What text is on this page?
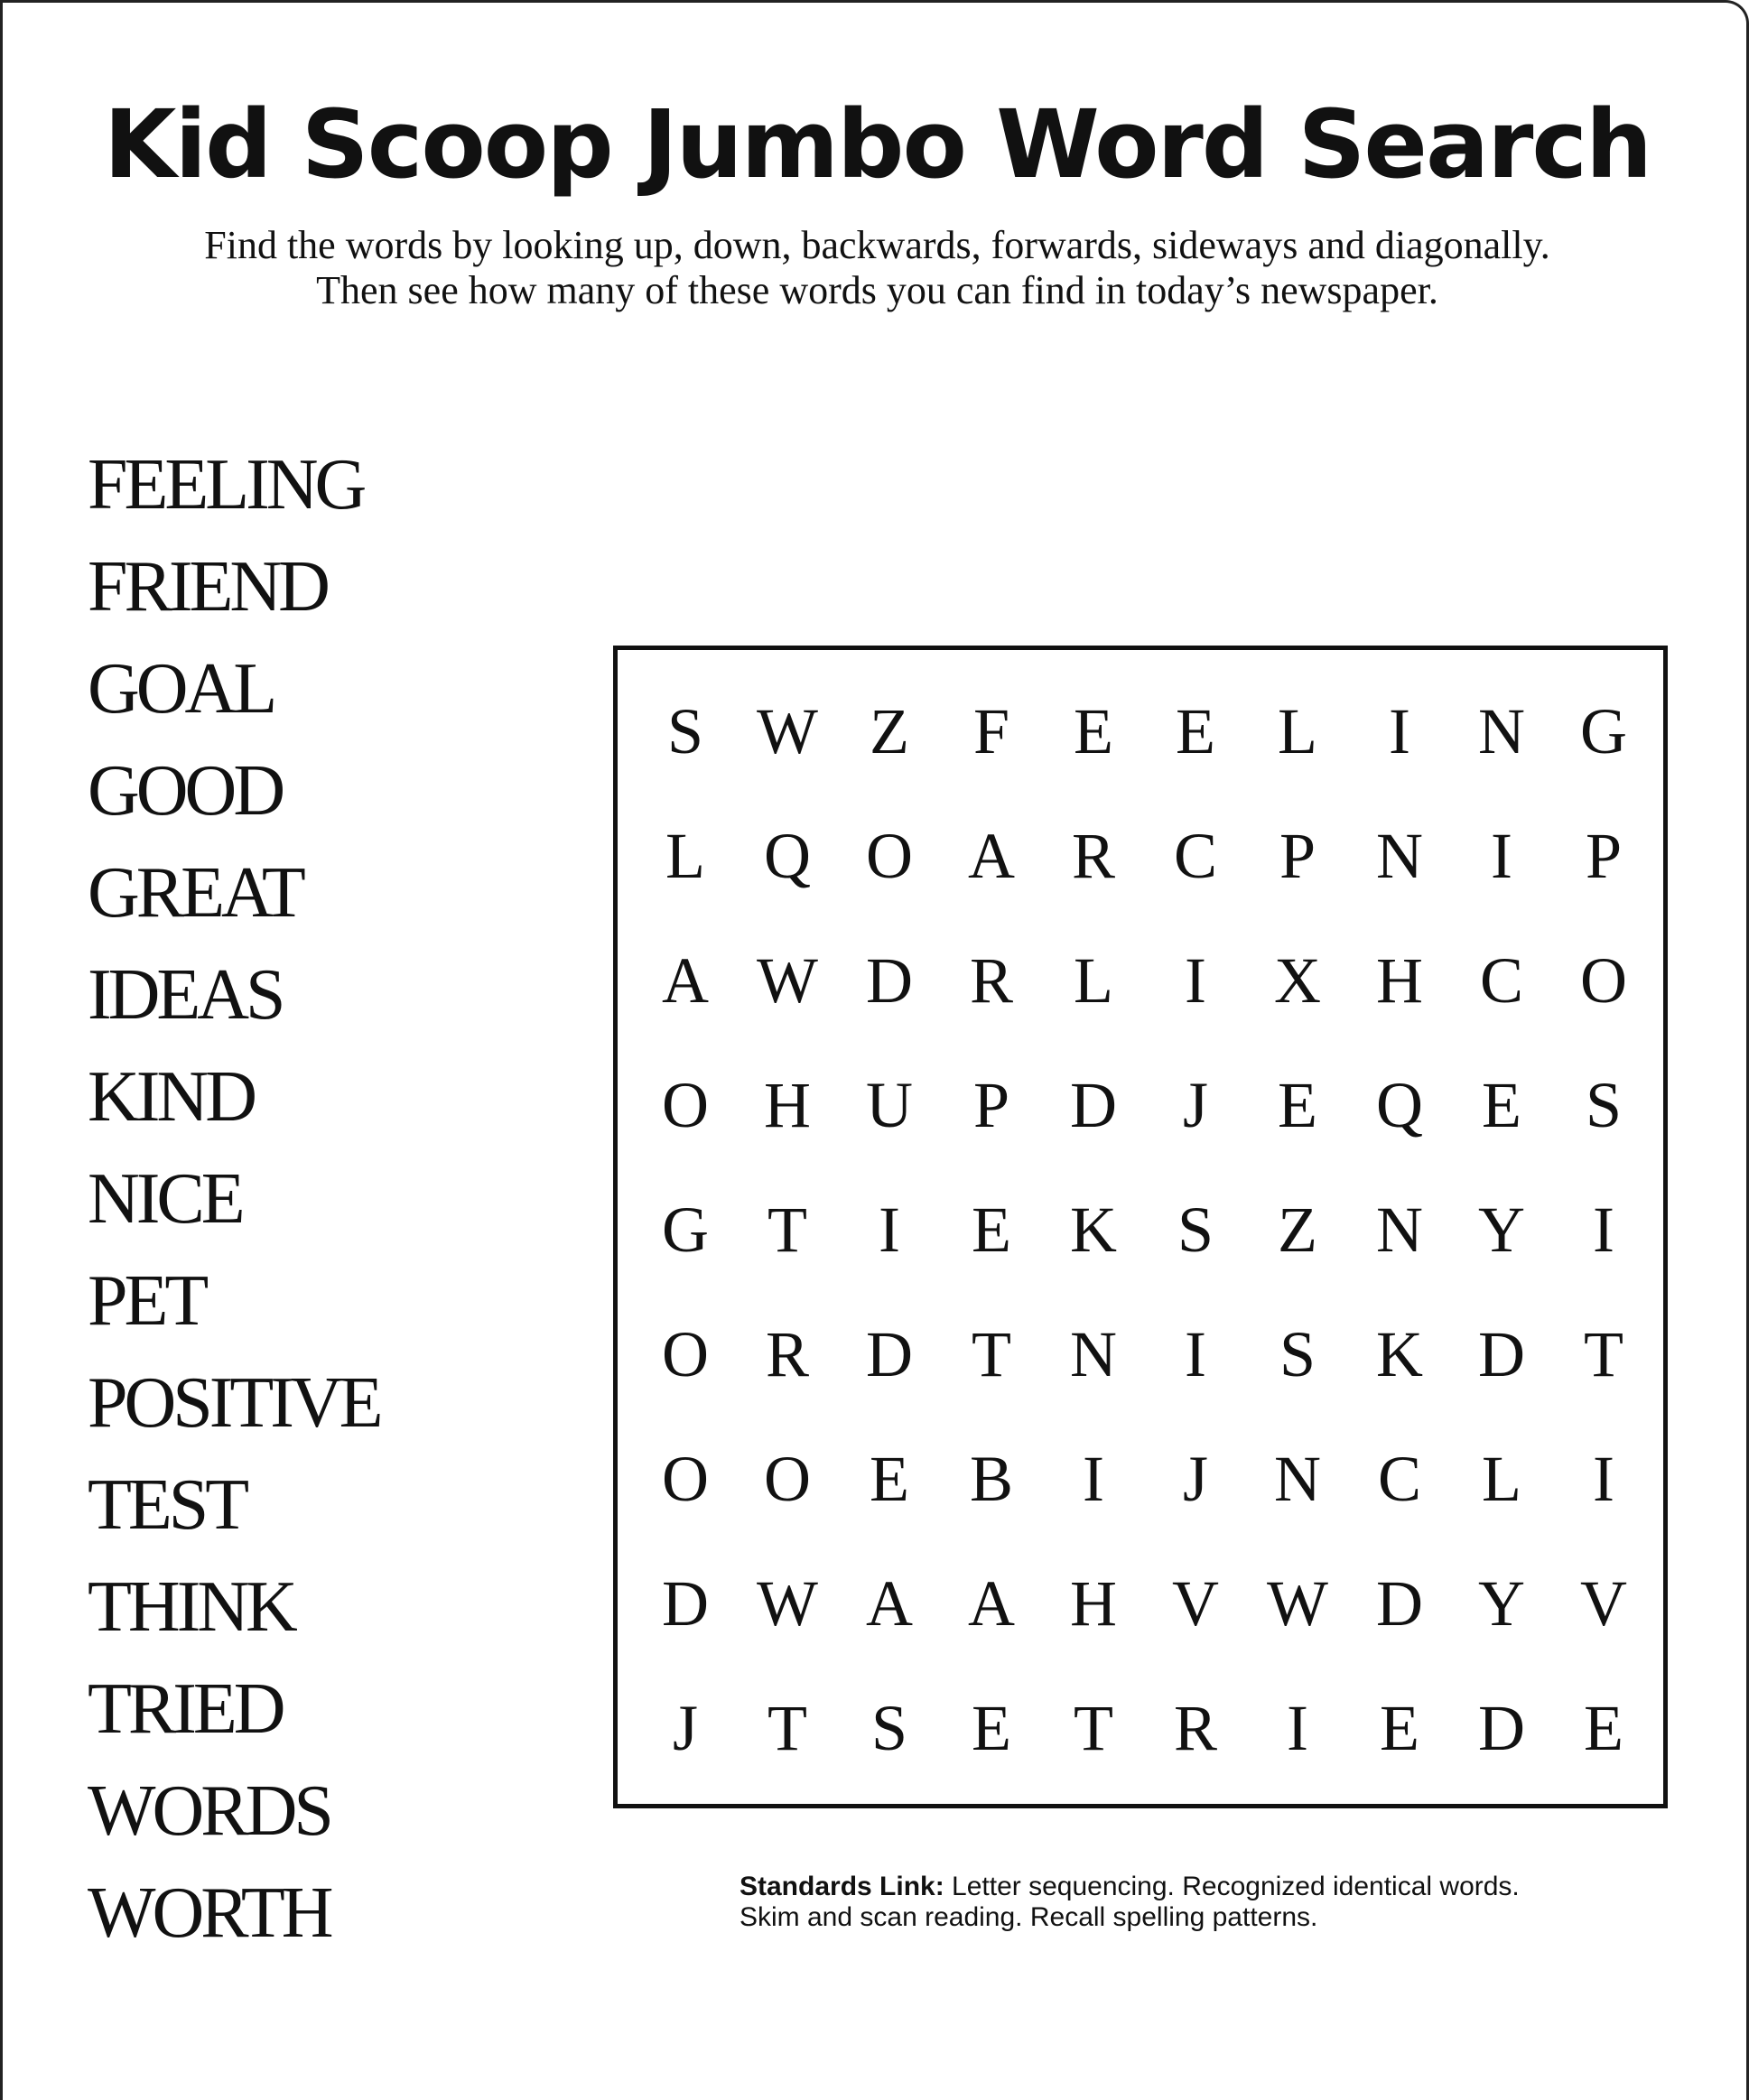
Kid Scoop Jumbo Word Search
Find the words by looking up, down, backwards, forwards, sideways and diagonally.
Then see how many of these words you can find in today’s newspaper.
FEELING
FRIEND
GOAL
GOOD
GREAT
IDEAS
KIND
NICE
PET
POSITIVE
TEST
THINK
TRIED
WORDS
WORTH
S W Z F E E L	I	N G
L Q O A R C P N	I	P
A W D R L	I	X H C O
O H U P D	J	E Q E S
G T	I	E K S Z N Y	I
O R D T N	I	S K D T
O O E B	I	J	N C L	I
D W A A H V W D Y V
J	T S E T R	I	E D E
Standards Link: Letter sequencing. Recognized identical words.
Skim and scan reading. Recall spelling patterns.
